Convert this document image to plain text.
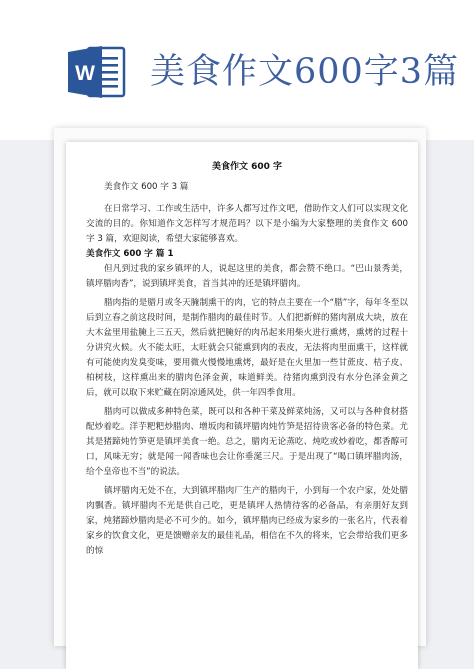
W 美食作文600字3篇
美食作文 600 字

美食作文 600 字 3 篇

在日常学习、工作或生活中，许多人都写过作文吧，借助作文人们可以实现文化交流的目的。你知道作文怎样写才规范吗？以下是小编为大家整理的美食作文 600 字 3 篇，欢迎阅读，希望大家能够喜欢。

美食作文 600 字 篇 1

但凡到过我的家乡镇坪的人，说起这里的美食，都会赞不绝口。“巴山景秀美，镇坪腊肉香”，说到镇坪美食，首当其冲的还是镇坪腊肉。

腊肉指的是腊月或冬天腌制熏干的肉，它的特点主要在一个“腊”字，每年冬至以后到立春之前这段时间，是制作腊肉的最佳时节。人们把新鲜的猪肉割成大块，放在大木盆里用盐腌上三五天，然后就把腌好的肉吊起来用柴火进行熏烤，熏烤的过程十分讲究火候。火不能太旺，太旺就会只能熏到肉的表皮，无法将肉里面熏干，这样就有可能使肉发臭变味，要用微火慢慢地熏烤，最好是在火里加一些甘蔗皮、桔子皮、柏树枝，这样熏出来的腊肉色泽金黄，味道鲜美。待猪肉熏到没有水分色泽金黄之后，就可以取下来贮藏在阴凉通风处，供一年四季食用。

腊肉可以做成多种特色菜，既可以和各种干菜及鲜菜炖汤，又可以与各种食材搭配炒着吃。洋芋粑粑炒腊肉、增坂肉和镇坪腊肉炖竹笋是招待贵客必备的特色菜。尤其是猪蹄炖竹笋更是镇坪美食一绝。总之，腊肉无论蒸吃、炖吃或炒着吃，都香醇可口，风味无穷；就是闻一闻香味也会让你垂涎三尺。于是出现了“喝口镇坪腊肉汤，给个皇帝也不当”的说法。

镇坪腊肉无处不在，大到镇坪腊肉厂生产的腊肉干，小到每一个农户家，处处腊肉飘香。镇坪腊肉不光是供自己吃，更是镇坪人热情待客的必备品，有亲朋好友到家，炖猪蹄炒腊肉是必不可少的。如今，镇坪腊肉已经成为家乡的一张名片，代表着家乡的饮食文化，更是馈赠亲友的最佳礼品，相信在不久的将来，它会带给我们更多的惊
